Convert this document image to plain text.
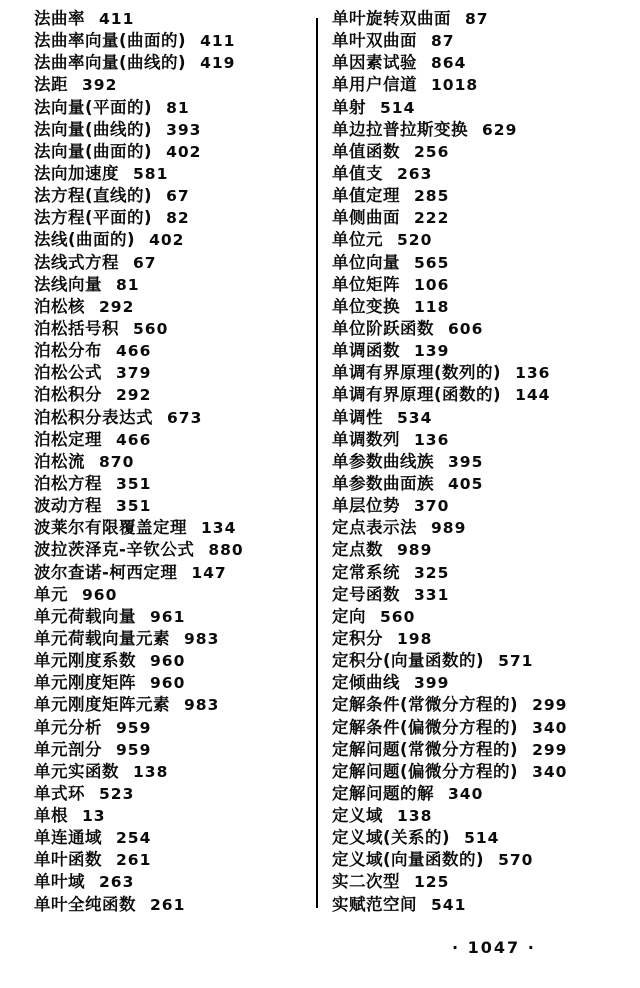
法曲率 411
法曲率向量(曲面的) 411
法曲率向量(曲线的) 419
法距 392
法向量(平面的) 81
法向量(曲线的) 393
法向量(曲面的) 402
法向加速度 581
法方程(直线的) 67
法方程(平面的) 82
法线(曲面的) 402
法线式方程 67
法线向量 81
泊松核 292
泊松括号积 560
泊松分布 466
泊松公式 379
泊松积分 292
泊松积分表达式 673
泊松定理 466
泊松流 870
泊松方程 351
波动方程 351
波莱尔有限覆盖定理 134
波拉茨泽克-辛钦公式 880
波尔查诺-柯西定理 147
单元 960
单元荷载向量 961
单元荷载向量元素 983
单元刚度系数 960
单元刚度矩阵 960
单元刚度矩阵元素 983
单元分析 959
单元剖分 959
单元实函数 138
单式环 523
单根 13
单连通域 254
单叶函数 261
单叶域 263
单叶全纯函数 261
单叶旋转双曲面 87
单叶双曲面 87
单因素试验 864
单用户信道 1018
单射 514
单边拉普拉斯变换 629
单值函数 256
单值支 263
单值定理 285
单侧曲面 222
单位元 520
单位向量 565
单位矩阵 106
单位变换 118
单位阶跃函数 606
单调函数 139
单调有界原理(数列的) 136
单调有界原理(函数的) 144
单调性 534
单调数列 136
单参数曲线族 395
单参数曲面族 405
单层位势 370
定点表示法 989
定点数 989
定常系统 325
定号函数 331
定向 560
定积分 198
定积分(向量函数的) 571
定倾曲线 399
定解条件(常微分方程的) 299
定解条件(偏微分方程的) 340
定解问题(常微分方程的) 299
定解问题(偏微分方程的) 340
定解问题的解 340
定义域 138
定义域(关系的) 514
定义域(向量函数的) 570
实二次型 125
实赋范空间 541
· 1047 ·
